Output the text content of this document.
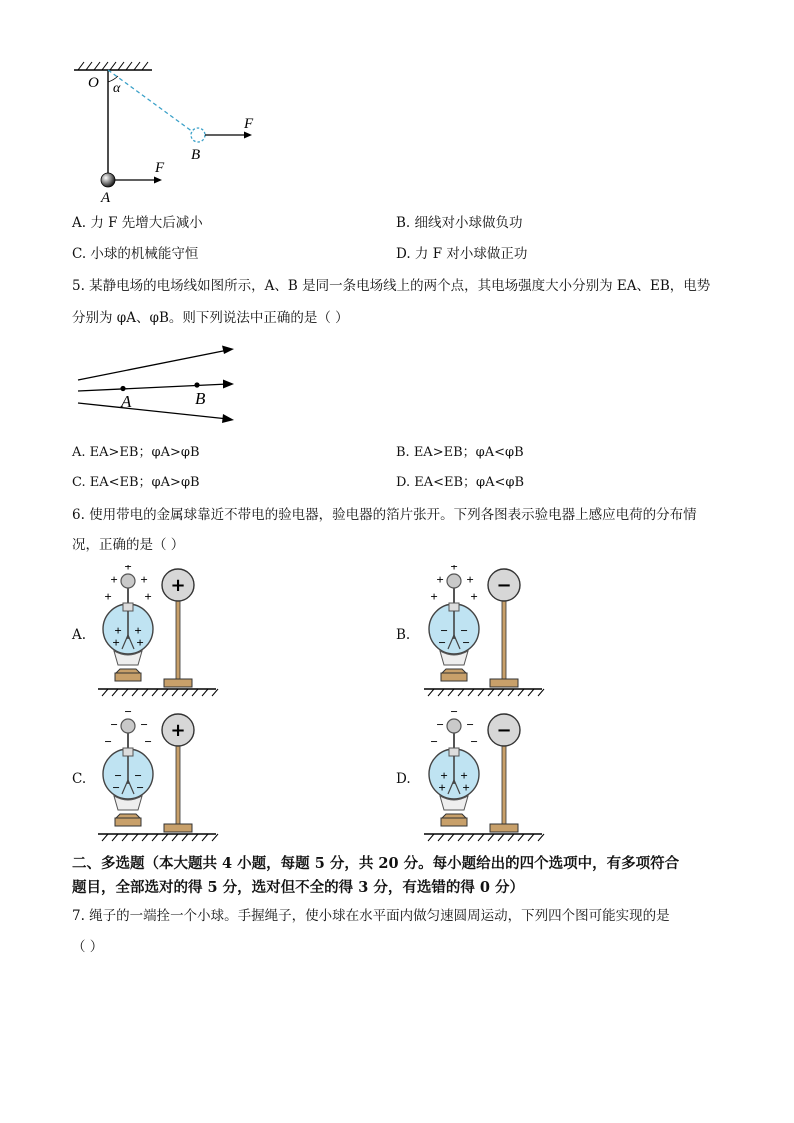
O α
B
F
F
A
A. 力 F 先增大后减小	B. 细线对小球做负功
C. 小球的机械能守恒	D. 力 F 对小球做正功
5. 某静电场的电场线如图所示，A、B 是同一条电场线上的两个点，其电场强度大小分别为 EA、EB，电势
分别为 φA、φB。则下列说法中正确的是（ ）
A	B
A. EA>EB；φA>φB	B. EA>EB；φA<φB
C. EA<EB；φA>φB	D. EA<EB；φA<φB
6. 使用带电的金属球靠近不带电的验电器，验电器的箔片张开。下列各图表示验电器上感应电荷的分布情
况，正确的是（ ）
A.
+
+
+
+
+	+
+ +
+ +	B.
−
+
+
+
+	+
− −
− −
C.
+
−
−
−
− −
− −
− −
D.
−
−
−
−
− −
+ +
+ +
二、多选题（本大题共 4 小题，每题 5 分，共 20 分。每小题给出的四个选项中，有多项符合
题目，全部选对的得 5 分，选对但不全的得 3 分，有选错的得 0 分）
7. 绳子的一端拴一个小球。手握绳子，使小球在水平面内做匀速圆周运动，下列四个图可能实现的是
（ ）
